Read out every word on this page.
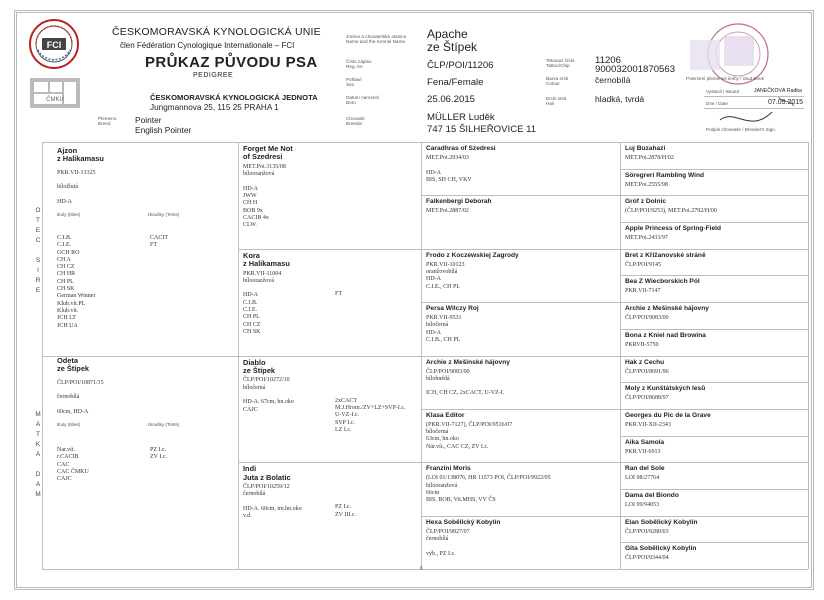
FCI
ČMKU
ČESKOMORAVSKÁ KYNOLOGICKÁ UNIE
člen Fédération Cynologique Internationale – FCI
PRŮKAZ PŮVODU PSA
PEDIGREE
ČESKOMORAVSKÁ KYNOLOGICKÁ JEDNOTA
Jungmannova 25, 115 25 PRAHA 1
Plemeno
Breed	Pointer
English Pointer
Jméno a chovatelská stanice
Name and the Kennel Name
Apache
ze Štípek
Číslo zápisu
Reg. Nr.	ČLP/POI/11206
Pohlaví
Sex	Fena/Female
Datum narození
Born	25.06.2015
Chovatel
Breeder
MÜLLER Luděk
747 15 ŠILHEŘOVICE 11
Tetovací číslo
Tattoo/Chip	11206
900032001870563
Barva srsti
Colour	černobílá
Druh srsti
Hair	hladká, tvrdá
Potvrzení plemenné knihy / Stud Book
Vystavil / Issued	JANEČKOVÁ Radka
Dne / Date	07.09.2015
Podpis chovatele / Breeder's Sign.
O
T
E
C

S
I
R
E
M
A
T
K
A

D
A
M
Ajzon
z Halikamasu
PKR.VII-13325

bíložlutá

HD-A
tituly (titles)	zkoušky (Tests)
C.I.B.
C.I.E.
GCH RO
CH A
CH CZ
CH HR
CH PL
CH SK
German Winner
Klub.vít.PL
Klub.vít.
JCH LT
JCH UA
CACIT
FT
Odeta
ze Štípek
ČLP/POI/10871/15

černobílá

60cm, HD-A
tituly (titles)	zkoušky (Tests)
Nar.vít.
r.CACIB
CAC
CAC ČMKU
CAJC
PZ I.c.
ZV I.c.
Forget Me Not
of Szedresi
MET.Poi.3135/08
bílooranžová

HD-A
JWW
CH H
BOB 9x
CACIB 4x
CLW.
Kora
z Halikamasu
PKR.VII-11004
bíloorazžová

HD-A
C.I.B.
C.I.E.
CH PL
CH CZ
CH SK

FT
Diablo
ze Štípek
ČLP/POI/10272/10
bíločerná

HD-A. 67cm, hn.oko
CAJC

2xCACT
M.J.Hrom./ZV+LZ+SVP-I.c.
U-VZ-I.c.
SVP I.c.
LZ I.c.
Indi
Juta z Bolatic
ČLP/POI/10259/12
černobílá

HD-A. 60cm, tm.hn.oko
v.d.

PZ I.c.
ZV III.c.
Caradhras of Szedresi
MET.Poi.2934/03

HD-A
BIS, SH CH, VKV

Falkenbergi Deborah
MET.Poi.2887/02

Frodo z Koczewskiej Zagrody
PKR.VII-10123
oranžovobílá
HD-A
C.I.E., CH PL
Persa Wilczy Roj
PKR.VII-9531
bíločerná
HD-A
C.I.B., CH PL
Archie z Mešinské hájovny
ČLP/POI/9083/00
bílohnědá

ICH, CH CZ, 2xCACT, U-VZ-I.
Klasa Editor
(PKR.VII-7127), ČLP/POI/9516/07
bíločerná
63cm, hn.oko
Nár.vít., CAC CZ, ZV I.c.
Franzini Moris
(LOI 01/138076, HR 11573 POI, ČLP/POI/9922/05
bílooranžová
66cm
BIS, BOB, Vit.MHS, VV ČS
Hexa Sobělický Kobylín
ČLP/POI/9827/07
černobílá

výb., PZ I.c.
Luj Buzahazi
MET.Poi.2878/H/02
Söregrerí Rambling Wind
MET.Poi.2555/98
Gróf z Dolnic
(ČLP/POI/9253), MET.Poi.2792/H/00
Apple Princess of Spring-Field
MET.Poi.2433/97
Bret z Křižanovské stráně
ČLP/POI/9145
Bea Z Wiecborskich Pól
PKR.VII-7147
Archie z Mešinské hájovny
ČLP/POI/9083/00
Bona z Kniel nad Browina
PKRVII-5750
Hak z Čechu
ČLP/POI/8691/96
Moly z Kunštátských lesů
ČLP/POI/8688/97
Georges du Pic de la Grave
PKR.VII-XII-2343
Aika Samola
PKR.VII-6913
Ran del Sole
LOI 98/27764
Dama del Biondo
LOI 99/94053
Elan Sobělický Kobylín
ČLP/POI/9280/03
Gita Sobělický Kobylín
ČLP/POI/9344/04
6
